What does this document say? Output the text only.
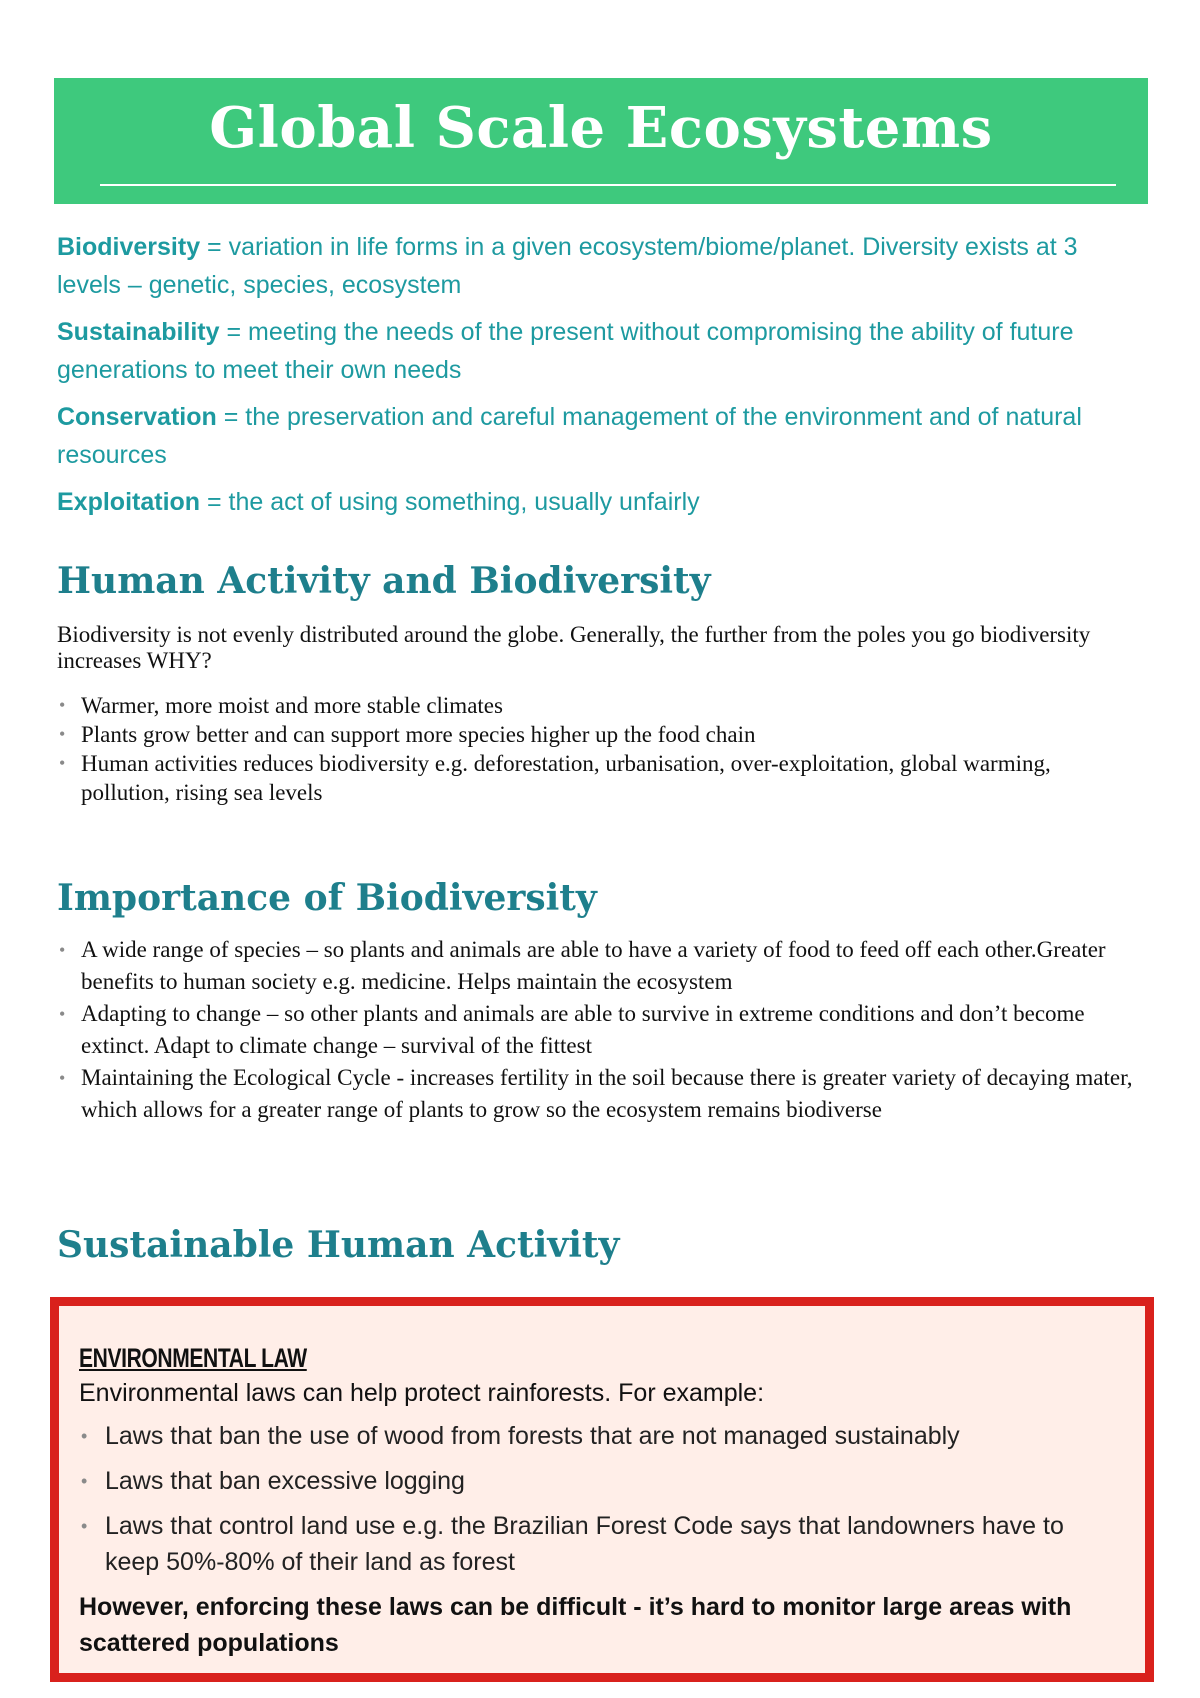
Global Scale Ecosystems

Biodiversity = variation in life forms in a given ecosystem/biome/planet. Diversity exists at 3 levels – genetic, species, ecosystem

Sustainability = meeting the needs of the present without compromising the ability of future generations to meet their own needs

Conservation = the preservation and careful management of the environment and of natural resources

Exploitation = the act of using something, usually unfairly

Human Activity and Biodiversity

Biodiversity is not evenly distributed around the globe. Generally, the further from the poles you go biodiversity increases WHY?

• Warmer, more moist and more stable climates
• Plants grow better and can support more species higher up the food chain
• Human activities reduces biodiversity e.g. deforestation, urbanisation, over-exploitation, global warming, pollution, rising sea levels
Importance of Biodiversity
• A wide range of species – so plants and animals are able to have a variety of food to feed off each other.Greater benefits to human society e.g. medicine. Helps maintain the ecosystem
• Adapting to change – so other plants and animals are able to survive in extreme conditions and don’t become extinct. Adapt to climate change – survival of the fittest
• Maintaining the Ecological Cycle - increases fertility in the soil because there is greater variety of decaying mater, which allows for a greater range of plants to grow so the ecosystem remains biodiverse
Sustainable Human Activity
ENVIRONMENTAL LAW

Environmental laws can help protect rainforests. For example:

• Laws that ban the use of wood from forests that are not managed sustainably
• Laws that ban excessive logging
• Laws that control land use e.g. the Brazilian Forest Code says that landowners have to keep 50%-80% of their land as forest

However, enforcing these laws can be difficult - it’s hard to monitor large areas with scattered populations
